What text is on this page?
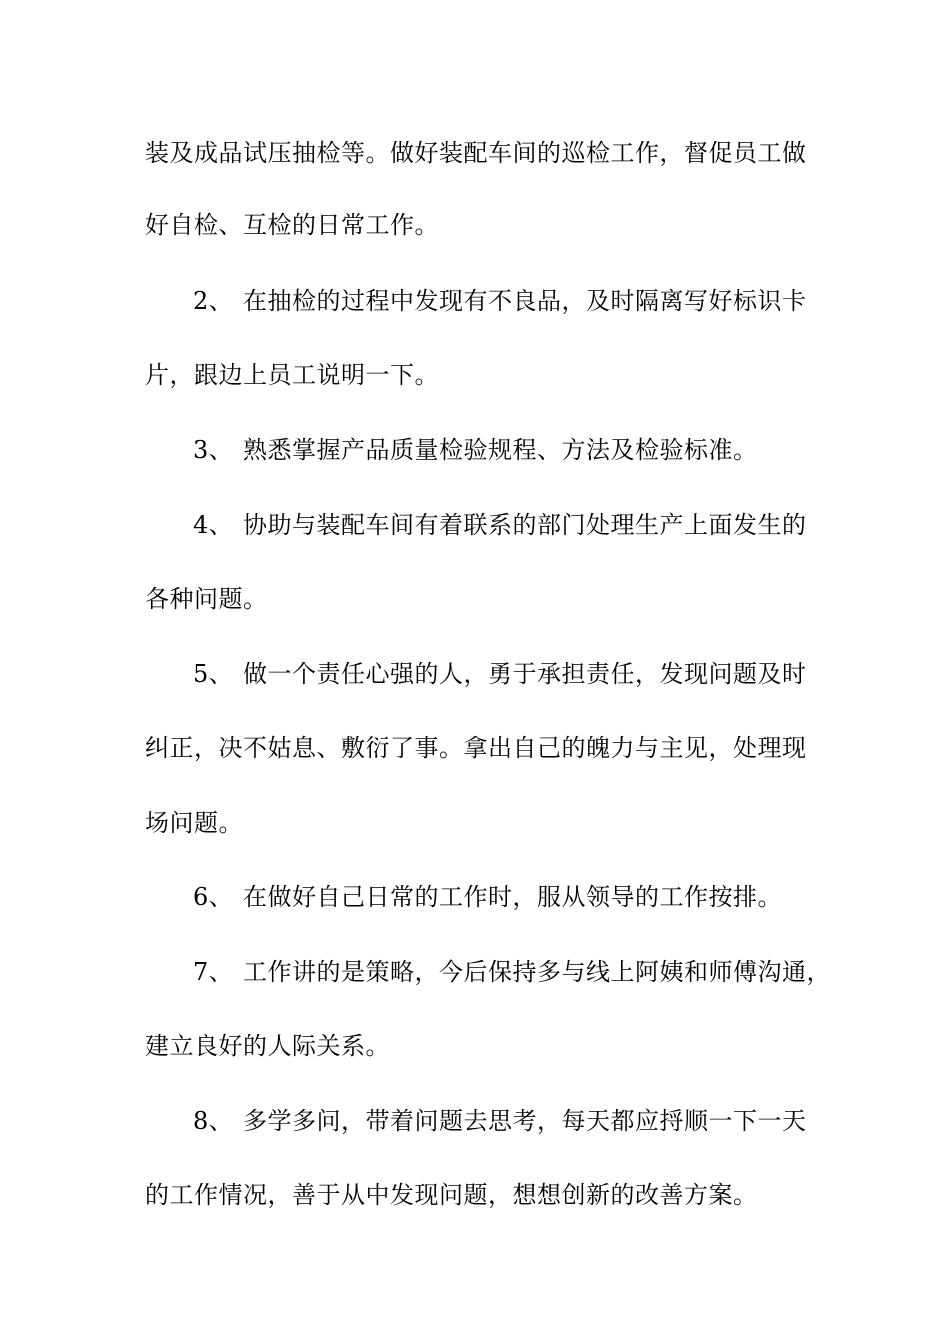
装及成品试压抽检等。做好装配车间的巡检工作，督促员工做
好自检、互检的日常工作。
2、 在抽检的过程中发现有不良品，及时隔离写好标识卡
片，跟边上员工说明一下。
3、 熟悉掌握产品质量检验规程、方法及检验标准。
4、 协助与装配车间有着联系的部门处理生产上面发生的
各种问题。
5、 做一个责任心强的人，勇于承担责任，发现问题及时
纠正，决不姑息、敷衍了事。拿出自己的魄力与主见，处理现
场问题。
6、 在做好自己日常的工作时，服从领导的工作按排。
7、 工作讲的是策略，今后保持多与线上阿姨和师傅沟通，
建立良好的人际关系。
8、 多学多问，带着问题去思考，每天都应捋顺一下一天
的工作情况，善于从中发现问题，想想创新的改善方案。
